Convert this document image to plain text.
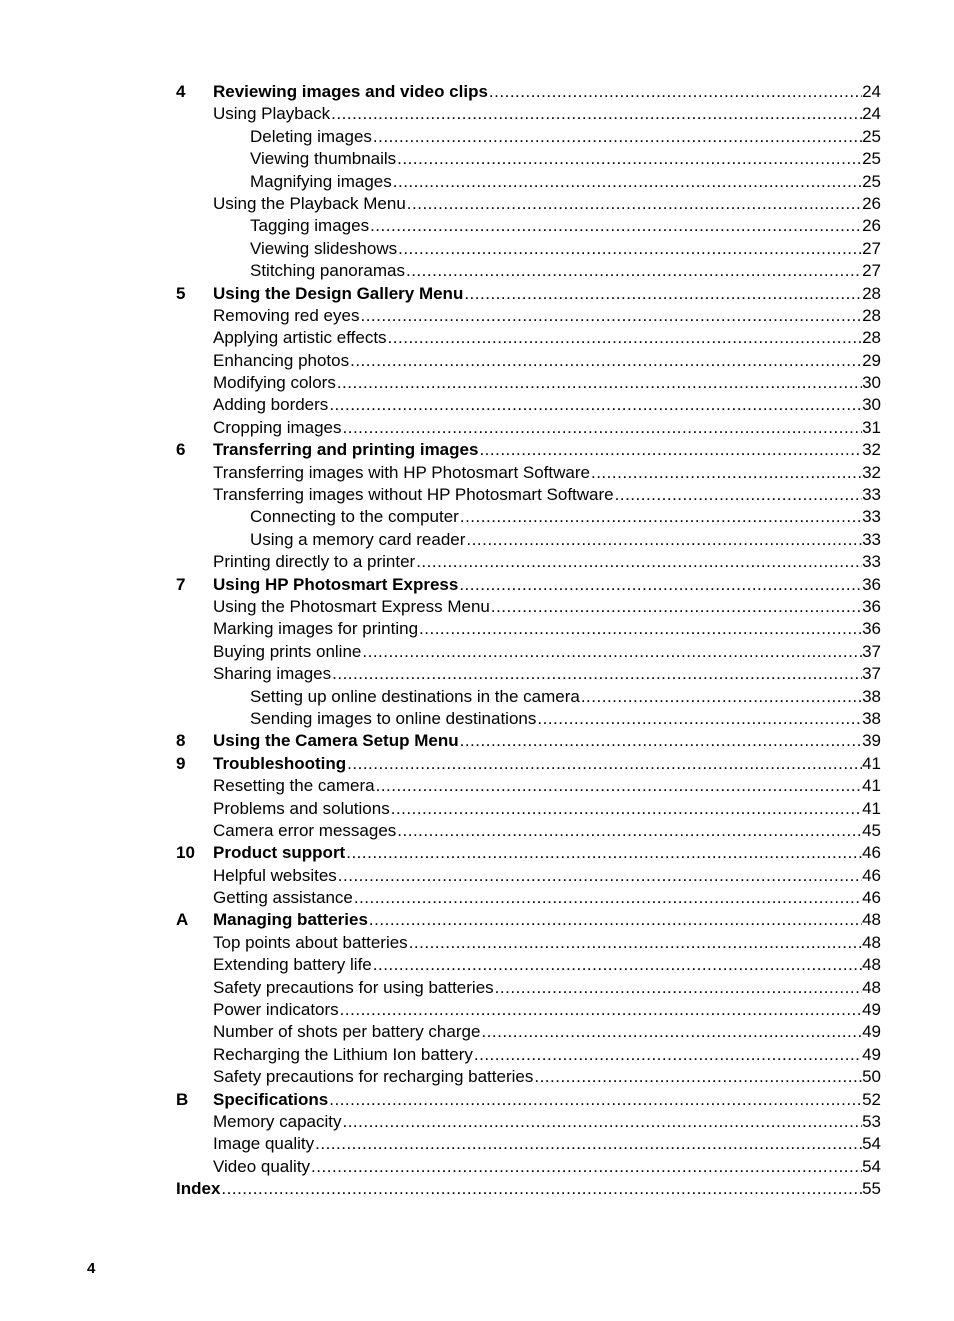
4	Reviewing images and video clips .....	24
Using Playback .....	24
Deleting images .....	25
Viewing thumbnails .....	25
Magnifying images .....	25
Using the Playback Menu .....	26
Tagging images .....	26
Viewing slideshows .....	27
Stitching panoramas .....	27
5	Using the Design Gallery Menu .....	28
Removing red eyes .....	28
Applying artistic effects .....	28
Enhancing photos .....	29
Modifying colors .....	30
Adding borders .....	30
Cropping images .....	31
6	Transferring and printing images .....	32
Transferring images with HP Photosmart Software .....	32
Transferring images without HP Photosmart Software .....	33
Connecting to the computer .....	33
Using a memory card reader .....	33
Printing directly to a printer .....	33
7	Using HP Photosmart Express .....	36
Using the Photosmart Express Menu .....	36
Marking images for printing .....	36
Buying prints online .....	37
Sharing images .....	37
Setting up online destinations in the camera .....	38
Sending images to online destinations .....	38
8	Using the Camera Setup Menu .....	39
9	Troubleshooting .....	41
Resetting the camera .....	41
Problems and solutions .....	41
Camera error messages .....	45
10	Product support .....	46
Helpful websites .....	46
Getting assistance .....	46
A	Managing batteries .....	48
Top points about batteries .....	48
Extending battery life .....	48
Safety precautions for using batteries .....	48
Power indicators .....	49
Number of shots per battery charge .....	49
Recharging the Lithium Ion battery .....	49
Safety precautions for recharging batteries .....	50
B	Specifications .....	52
Memory capacity .....	53
Image quality .....	54
Video quality .....	54
Index .....	55
4
